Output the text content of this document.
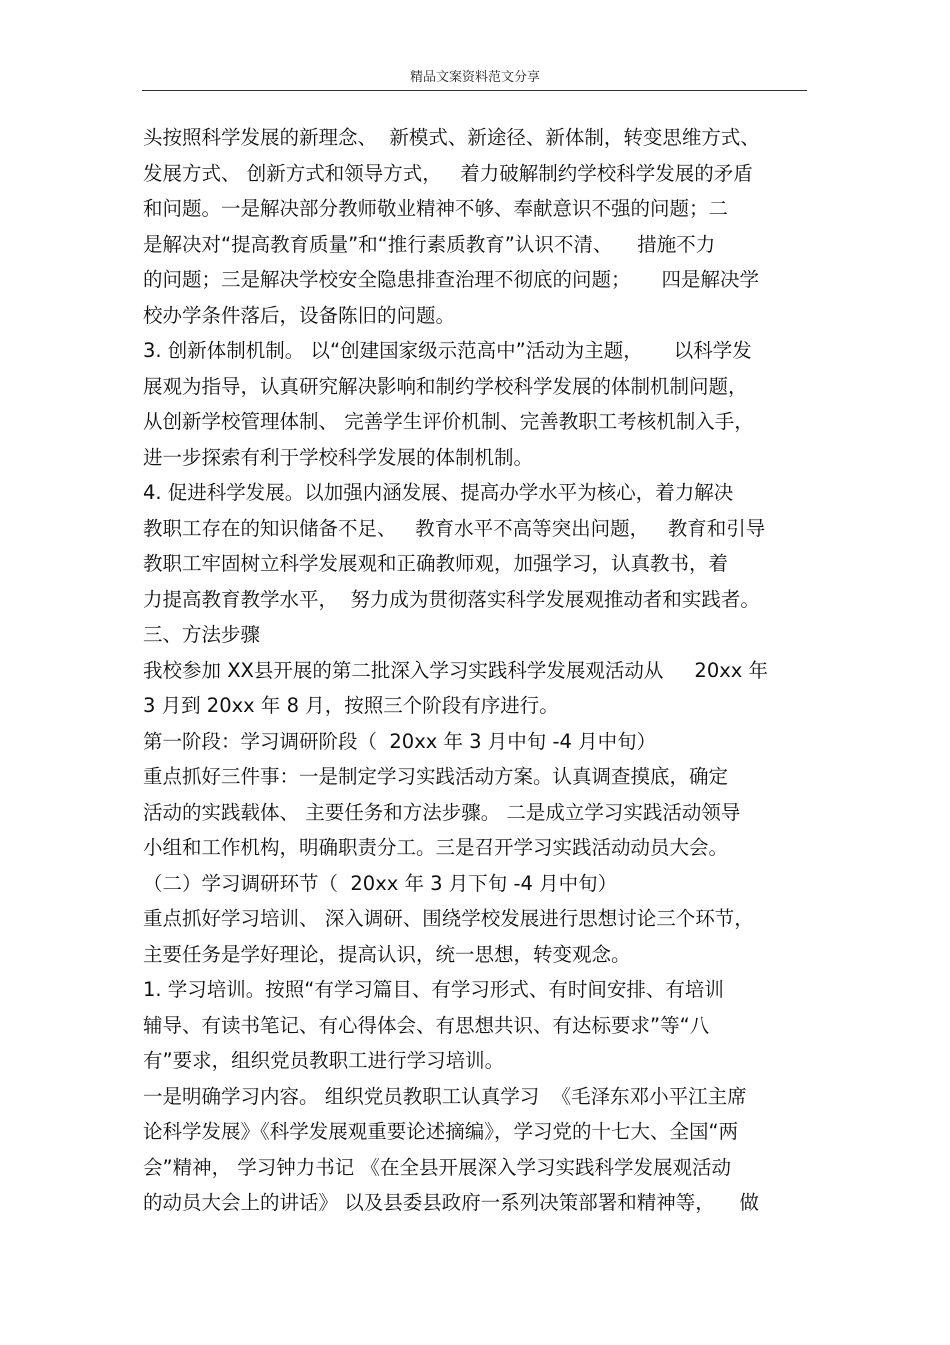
精品文案资料范文分享
头按照科学发展的新理念、  新模式、新途径、新体制，转变思维方式、
发展方式、 创新方式和领导方式，   着力破解制约学校科学发展的矛盾
和问题。一是解决部分教师敬业精神不够、奉献意识不强的问题；二
是解决对“提高教育质量”和“推行素质教育”认识不清、    措施不力
的问题；三是解决学校安全隐患排查治理不彻底的问题；     四是解决学
校办学条件落后，设备陈旧的问题。
3. 创新体制机制。 以“创建国家级示范高中”活动为主题，     以科学发
展观为指导，认真研究解决影响和制约学校科学发展的体制机制问题，
从创新学校管理体制、 完善学生评价机制、完善教职工考核机制入手，
进一步探索有利于学校科学发展的体制机制。
4. 促进科学发展。以加强内涵发展、提高办学水平为核心，着力解决
教职工存在的知识储备不足、   教育水平不高等突出问题，   教育和引导
教职工牢固树立科学发展观和正确教师观，加强学习，认真教书，着
力提高教育教学水平，  努力成为贯彻落实科学发展观推动者和实践者。
三、方法步骤
我校参加 XX县开展的第二批深入学习实践科学发展观活动从     20xx 年
3 月到 20xx 年 8 月，按照三个阶段有序进行。
第一阶段：学习调研阶段（  20xx 年 3 月中旬 -4 月中旬）
重点抓好三件事：一是制定学习实践活动方案。认真调查摸底，确定
活动的实践载体、 主要任务和方法步骤。 二是成立学习实践活动领导
小组和工作机构，明确职责分工。三是召开学习实践活动动员大会。
（二）学习调研环节（  20xx 年 3 月下旬 -4 月中旬）
重点抓好学习培训、 深入调研、围绕学校发展进行思想讨论三个环节，
主要任务是学好理论，提高认识，统一思想，转变观念。
1. 学习培训。按照“有学习篇目、有学习形式、有时间安排、有培训
辅导、有读书笔记、有心得体会、有思想共识、有达标要求”等“八
有”要求，组织党员教职工进行学习培训。
一是明确学习内容。 组织党员教职工认真学习  《毛泽东邓小平江主席
论科学发展》《科学发展观重要论述摘编》，学习党的十七大、全国“两
会”精神， 学习钟力书记 《在全县开展深入学习实践科学发展观活动
的动员大会上的讲话》 以及县委县政府一系列决策部署和精神等，    做
